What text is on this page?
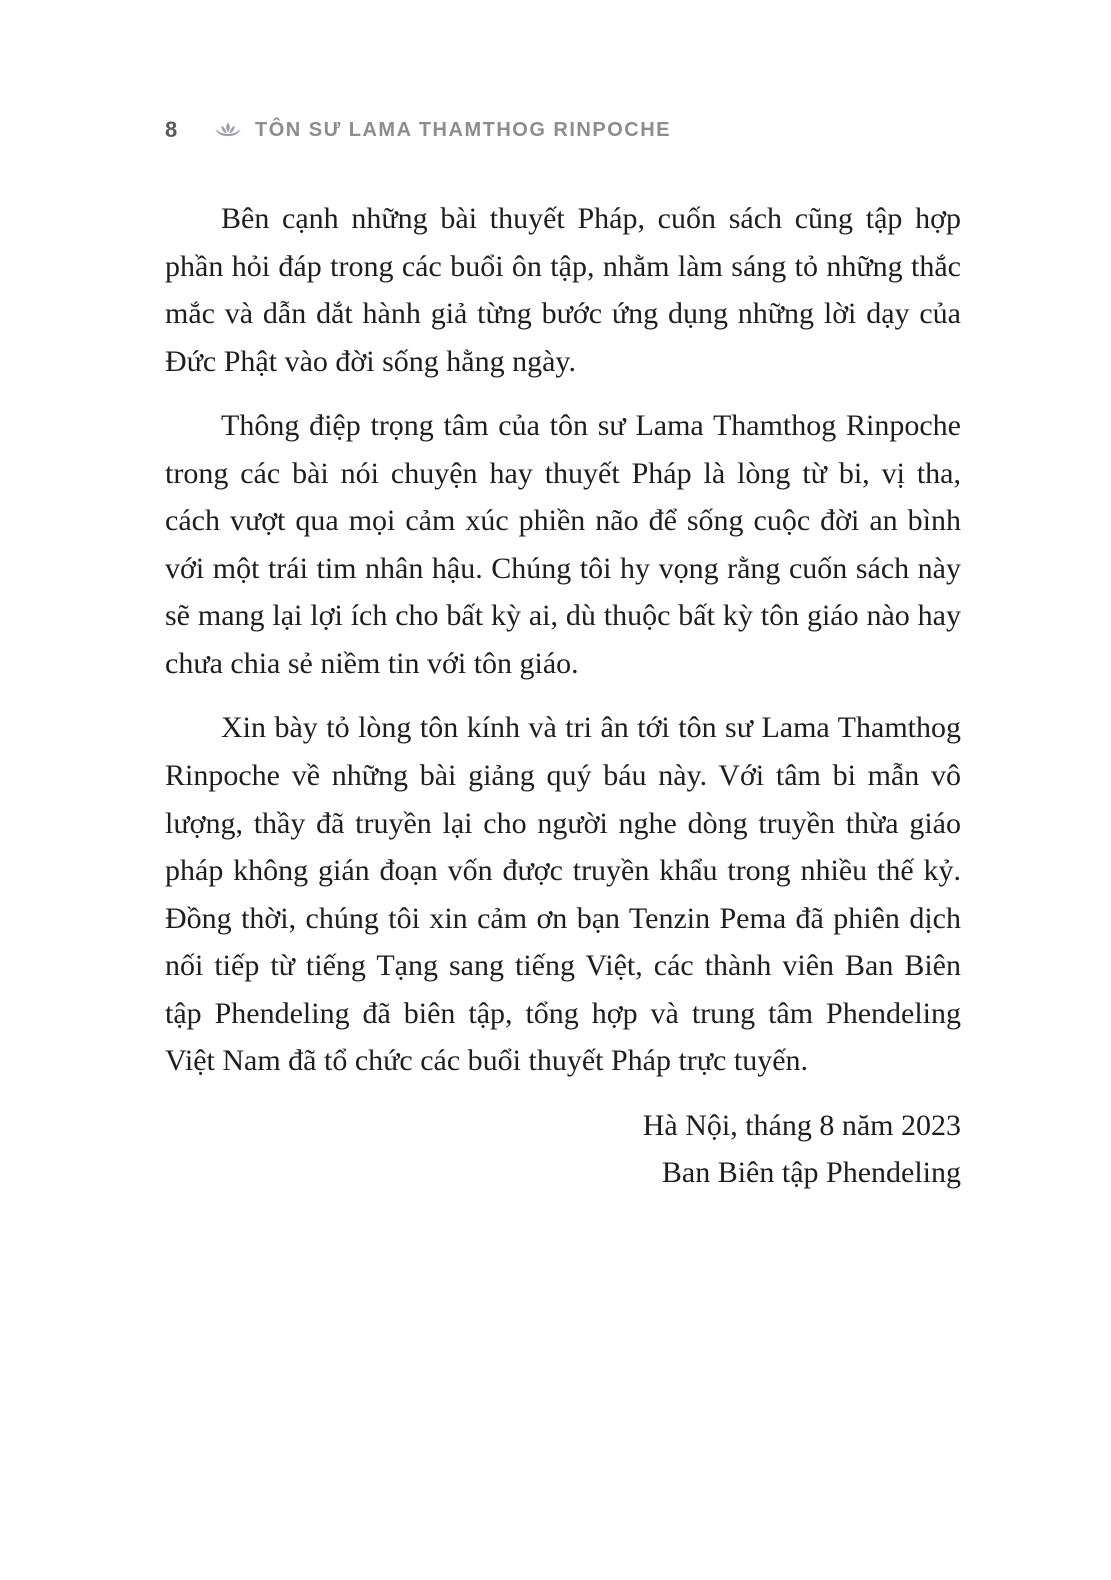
8	TÔN SƯ LAMA THAMTHOG RINPOCHE

Bên cạnh những bài thuyết Pháp, cuốn sách cũng tập hợp phần hỏi đáp trong các buổi ôn tập, nhằm làm sáng tỏ những thắc mắc và dẫn dắt hành giả từng bước ứng dụng những lời dạy của Đức Phật vào đời sống hằng ngày.

Thông điệp trọng tâm của tôn sư Lama Thamthog Rinpoche trong các bài nói chuyện hay thuyết Pháp là lòng từ bi, vị tha, cách vượt qua mọi cảm xúc phiền não để sống cuộc đời an bình với một trái tim nhân hậu. Chúng tôi hy vọng rằng cuốn sách này sẽ mang lại lợi ích cho bất kỳ ai, dù thuộc bất kỳ tôn giáo nào hay chưa chia sẻ niềm tin với tôn giáo.

Xin bày tỏ lòng tôn kính và tri ân tới tôn sư Lama Thamthog Rinpoche về những bài giảng quý báu này. Với tâm bi mẫn vô lượng, thầy đã truyền lại cho người nghe dòng truyền thừa giáo pháp không gián đoạn vốn được truyền khẩu trong nhiều thế kỷ. Đồng thời, chúng tôi xin cảm ơn bạn Tenzin Pema đã phiên dịch nối tiếp từ tiếng Tạng sang tiếng Việt, các thành viên Ban Biên tập Phendeling đã biên tập, tổng hợp và trung tâm Phendeling Việt Nam đã tổ chức các buổi thuyết Pháp trực tuyến.

Hà Nội, tháng 8 năm 2023

Ban Biên tập Phendeling
